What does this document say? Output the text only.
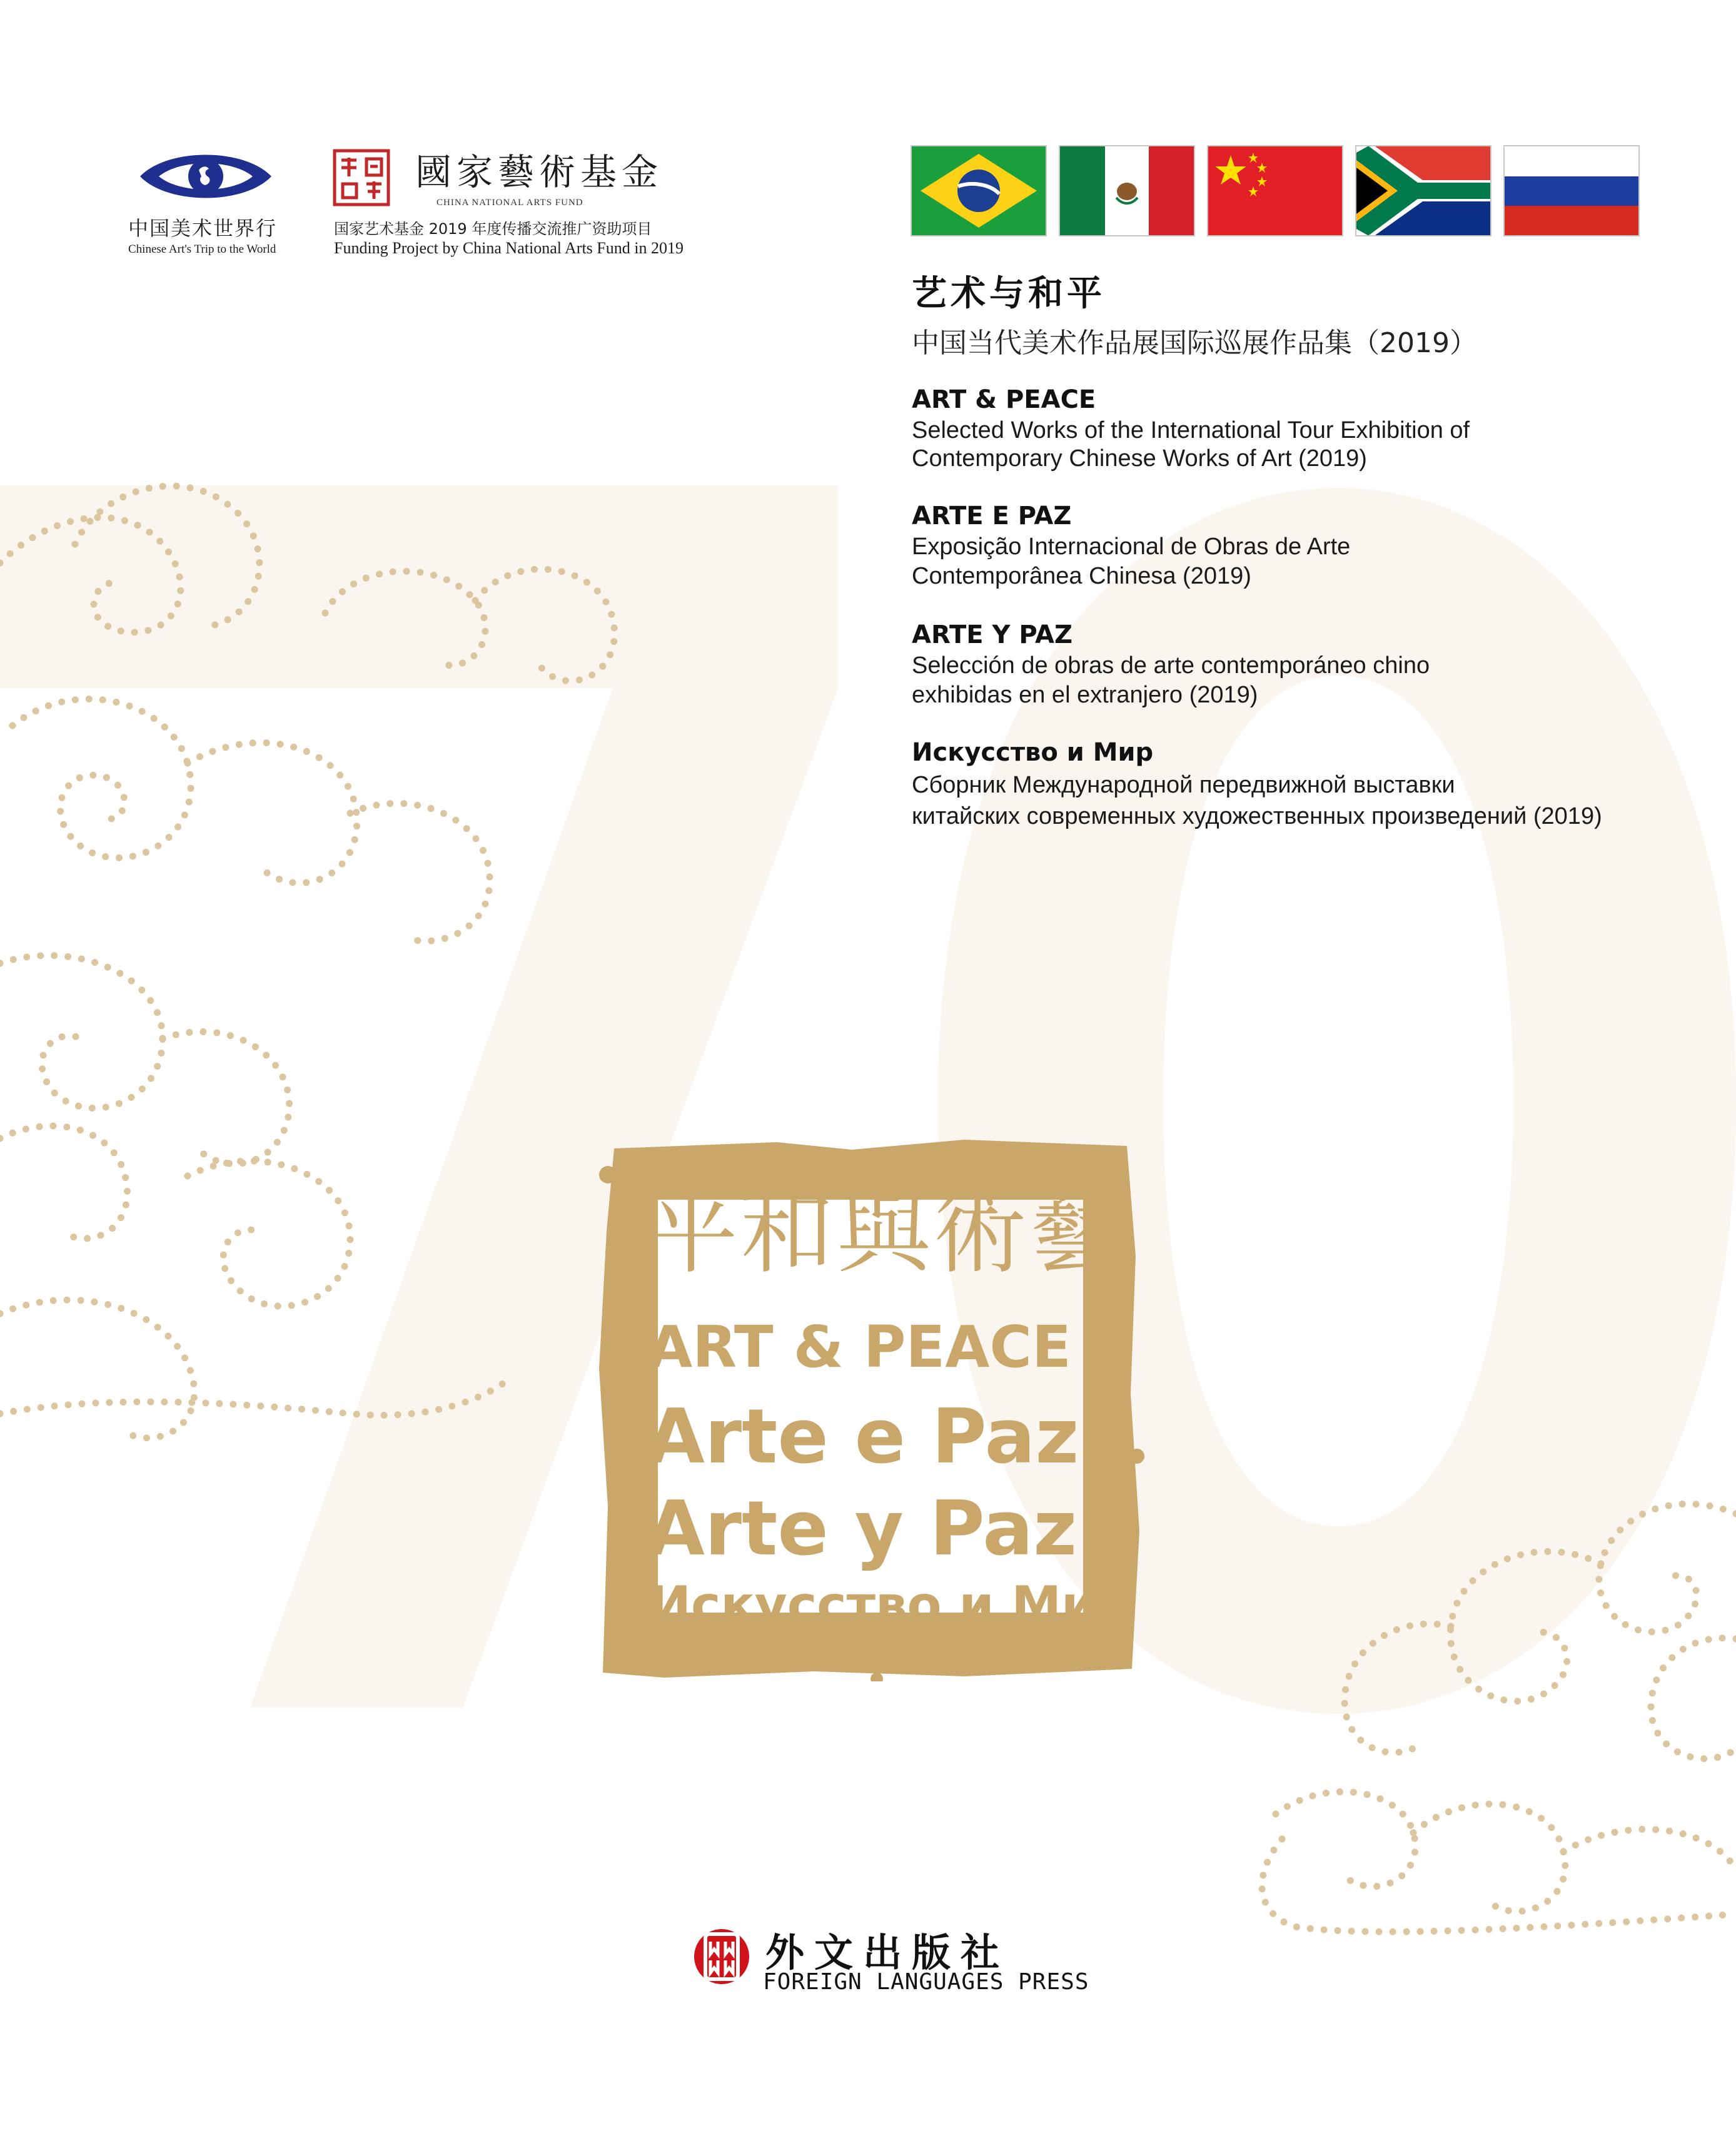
中国美术世界行
Chinese Art's Trip to the World
國家藝術基金
CHINA NATIONAL ARTS FUND
国家艺术基金 2019 年度传播交流推广资助项目
Funding Project by China National Arts Fund in 2019
艺术与和平
中国当代美术作品展国际巡展作品集（2019）
ART & PEACE
Selected Works of the International Tour Exhibition of
Contemporary Chinese Works of Art (2019)
ARTE E PAZ
Exposição Internacional de Obras de Arte
Contemporânea Chinesa (2019)
ARTE Y PAZ
Selección de obras de arte contemporáneo chino
exhibidas en el extranjero (2019)
Искусство и Мир
Сборник Международной передвижной выставки
китайских современных художественных произведений (2019)
平和與術藝
ART & PEACE
Arte e Paz
Arte y Paz
Искусство и Мир
外文出版社
FOREIGN LANGUAGES PRESS
